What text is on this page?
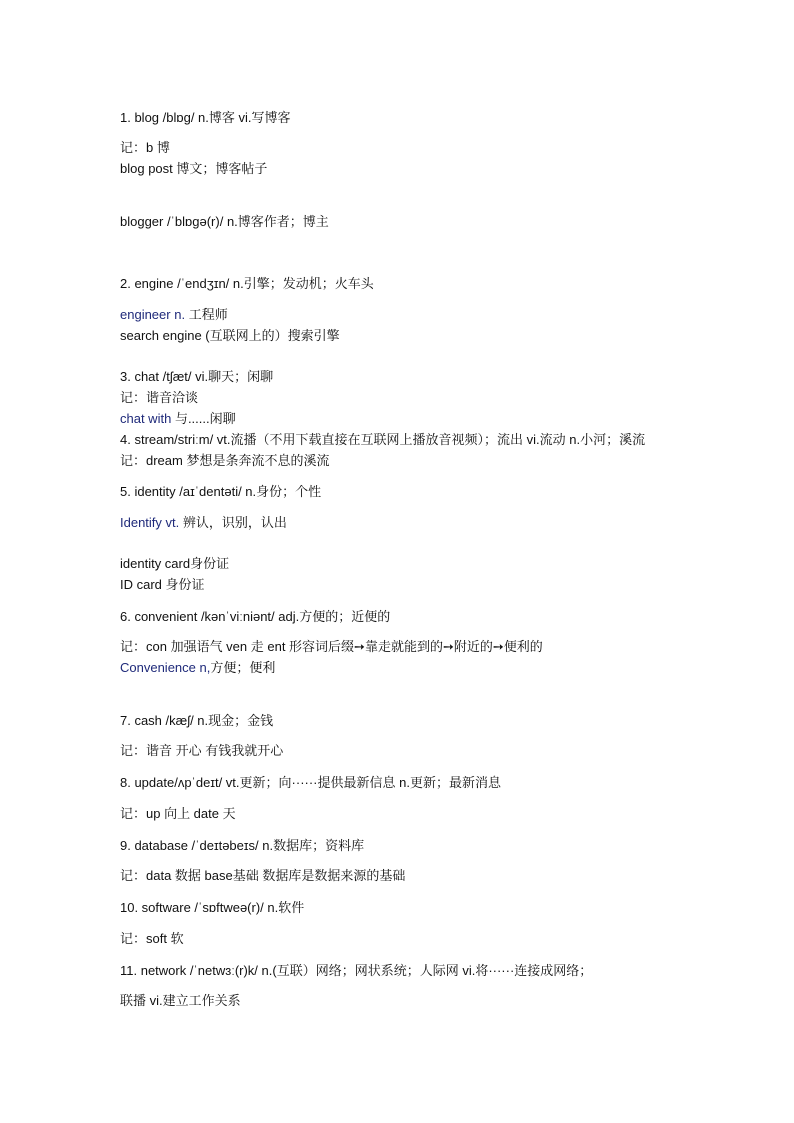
1. blog /blɒg/ n.博客 vi.写博客
记：b 博
blog post 博文；博客帖子
blogger /ˈblɒgə(r)/ n.博客作者；博主
2. engine /ˈendʒɪn/ n.引擎；发动机；火车头
engineer n. 工程师
search engine (互联网上的）搜索引擎
3. chat /tʃæt/ vi.聊天；闲聊
记：谐音洽谈
chat with 与......闲聊
4. stream/striːm/ vt.流播（不用下载直接在互联网上播放音视频）；流出 vi.流动 n.小河；溪流
记：dream 梦想是条奔流不息的溪流
5. identity /aɪˈdentəti/ n.身份；个性
Identify vt. 辨认，识别，认出
identity card身份证
ID card 身份证
6. convenient /kənˈviːniənt/ adj.方便的；近便的
记：con 加强语气 ven 走 ent 形容词后缀➙靠走就能到的➙附近的➙便利的
Convenience n,方便；便利
7. cash /kæʃ/ n.现金；金钱
记：谐音 开心 有钱我就开心
8. update/ʌpˈdeɪt/ vt.更新；向······提供最新信息 n.更新；最新消息
记：up 向上 date 天
9. database /ˈdeɪtəbeɪs/ n.数据库；资料库
记：data 数据 base基础 数据库是数据来源的基础
10. software /ˈsɒftweə(r)/ n.软件
记：soft 软
11. network /ˈnetwɜː(r)k/ n.(互联）网络；网状系统；人际网 vi.将······连接成网络；
联播 vi.建立工作关系
